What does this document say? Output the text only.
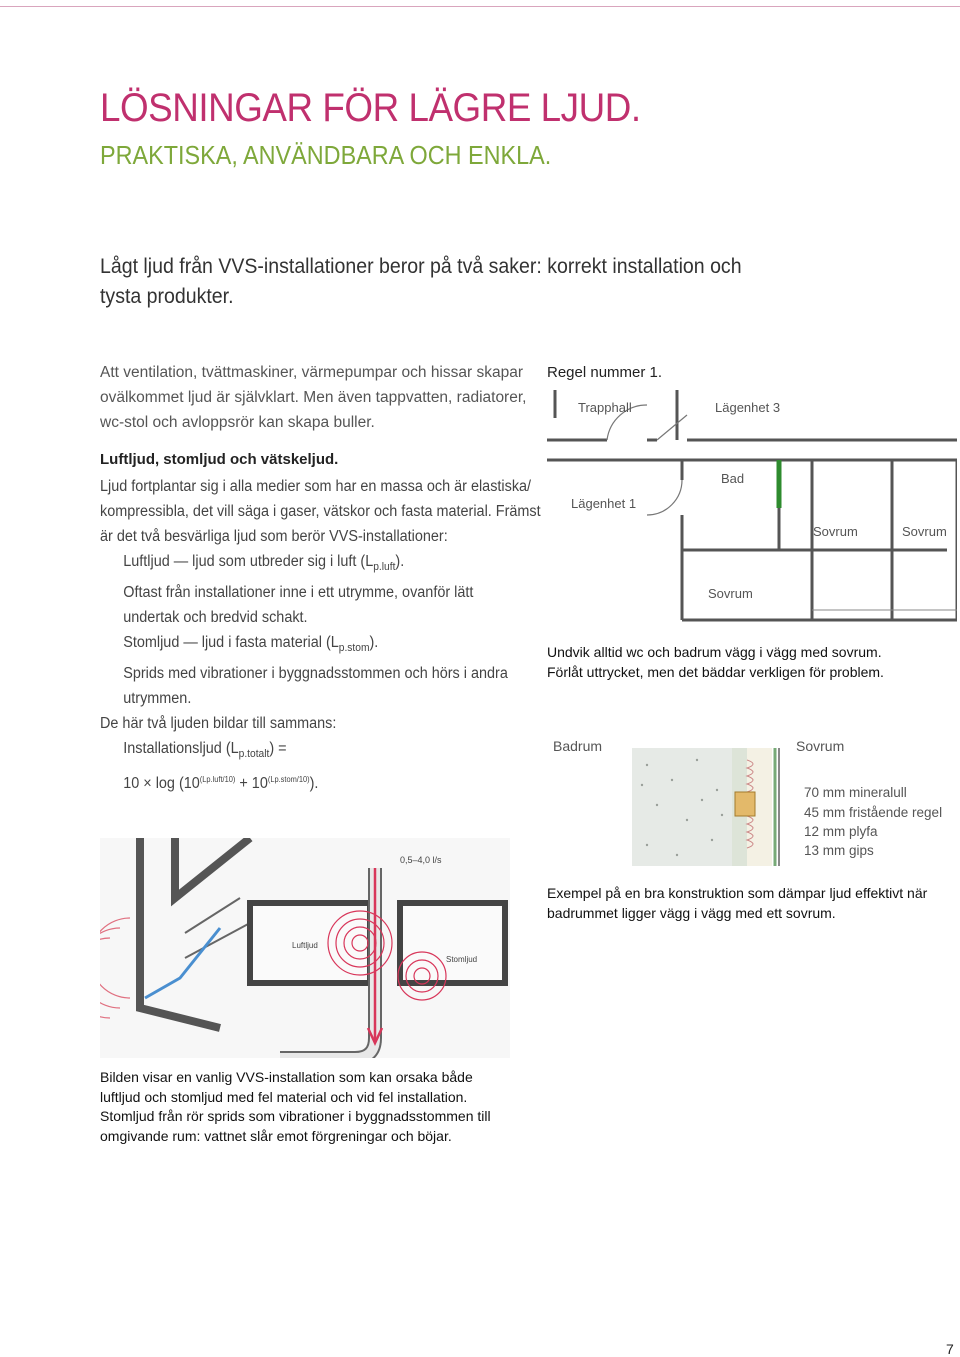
LÖSNINGAR FÖR LÄGRE LJUD.
PRAKTISKA, ANVÄNDBARA OCH ENKLA.
Lågt ljud från VVS-installationer beror på två saker: korrekt installation och tysta produkter.
Att ventilation, tvättmaskiner, värmepumpar och hissar skapar ovälkommet ljud är självklart. Men även tappvatten, radiatorer, wc-stol och avloppsrör kan skapa buller.
Luftljud, stomljud och vätskeljud.
Ljud fortplantar sig i alla medier som har en massa och är elastiska/
kompressibla, det vill säga i gaser, vätskor och fasta material. Främst
är det två besvärliga ljud som berör VVS-installationer:
Luftljud — ljud som utbreder sig i luft $(L_{p.luft})$.
Oftast från installationer inne i ett utrymme, ovanför lätt
undertak och bredvid schakt.
Stomljud — ljud i fasta material $(L_{p.stom})$.
Sprids med vibrationer i byggnadsstommen och hörs i andra
utrymmen.
De här två ljuden bildar till sammans:
Installationsljud $(L_{p.totalt})$ =
$10 \times \log (10^{(Lp.luft/10)} + 10^{(Lp.stom/10)})$.
Regel nummer 1.
Trapphall	Lägenhet 3
Lägenhet 1
Bad
Sovrum	Sovrum
Sovrum
Undvik alltid wc och badrum vägg i vägg med sovrum.
Förlåt uttrycket, men det bäddar verkligen för problem.
Badrum	Sovrum
70 mm mineralull
45 mm fristående regel
12 mm plyfa
13 mm gips
Exempel på en bra konstruktion som dämpar ljud effektivt när
badrummet ligger vägg i vägg med ett sovrum.
0,5–4,0 l/s
Luftljud
Stomljud
Bilden visar en vanlig VVS-installation som kan orsaka både
luftljud och stomljud med fel material och vid fel installation.
Stomljud från rör sprids som vibrationer i byggnadsstommen till
omgivande rum: vattnet slår emot förgreningar och böjar.
7
